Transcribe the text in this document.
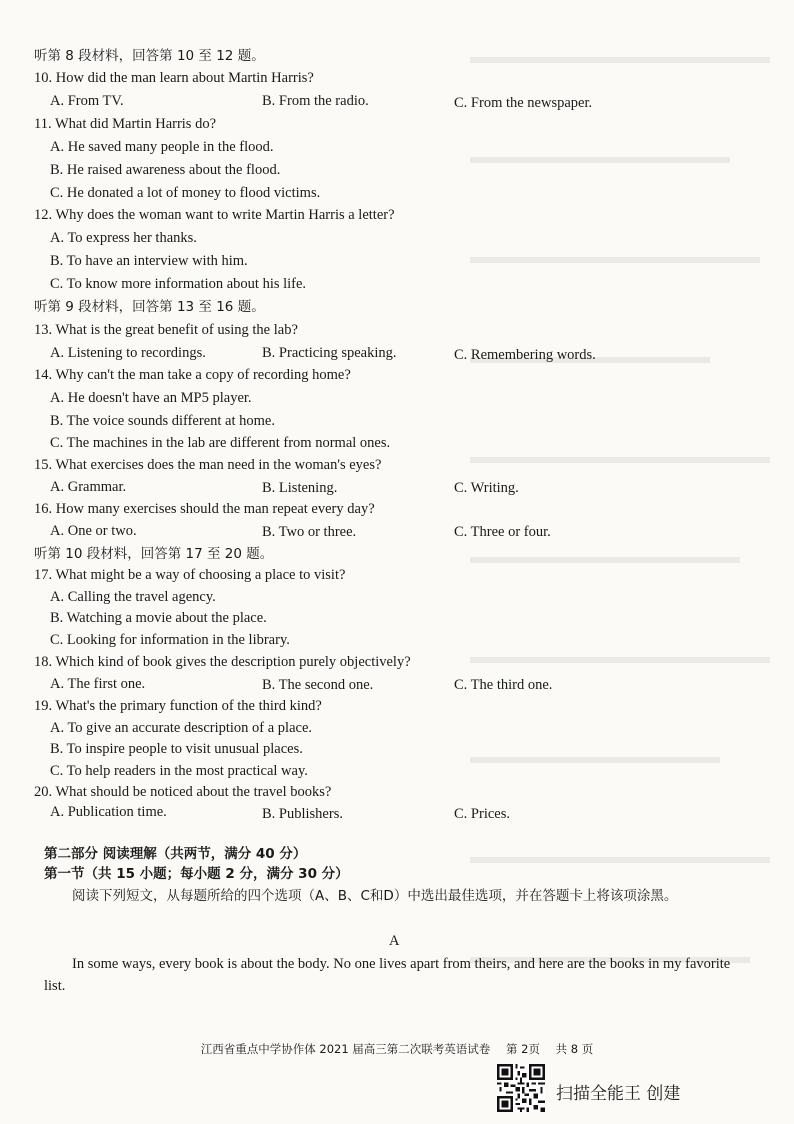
听第 8 段材料，回答第 10 至 12 题。
10. How did the man learn about Martin Harris?
A. From TV.	B. From the radio.	C. From the newspaper.
11. What did Martin Harris do?
A. He saved many people in the flood.
B. He raised awareness about the flood.
C. He donated a lot of money to flood victims.
12. Why does the woman want to write Martin Harris a letter?
A. To express her thanks.
B. To have an interview with him.
C. To know more information about his life.
听第 9 段材料，回答第 13 至 16 题。
13. What is the great benefit of using the lab?
A. Listening to recordings.	B. Practicing speaking.	C. Remembering words.
14. Why can't the man take a copy of recording home?
A. He doesn't have an MP5 player.
B. The voice sounds different at home.
C. The machines in the lab are different from normal ones.
15. What exercises does the man need in the woman's eyes?
A. Grammar.	B. Listening.	C. Writing.
16. How many exercises should the man repeat every day?
A. One or two.	B. Two or three.	C. Three or four.
听第 10 段材料，回答第 17 至 20 题。
17. What might be a way of choosing a place to visit?
A. Calling the travel agency.
B. Watching a movie about the place.
C. Looking for information in the library.
18. Which kind of book gives the description purely objectively?
A. The first one.	B. The second one.	C. The third one.
19. What's the primary function of the third kind?
A. To give an accurate description of a place.
B. To inspire people to visit unusual places.
C. To help readers in the most practical way.
20. What should be noticed about the travel books?
A. Publication time.	B. Publishers.	C. Prices.
第二部分 阅读理解（共两节，满分 40 分）
第一节（共 15 小题；每小题 2 分，满分 30 分）
阅读下列短文，从每题所给的四个选项（A、B、C和D）中选出最佳选项，并在答题卡上将该项涂黑。
A
In some ways, every book is about the body. No one lives apart from theirs, and here are the books in my favorite list.
江西省重点中学协作体 2021 届高三第二次联考英语试卷 第 2页 共 8 页
扫描全能王 创建
